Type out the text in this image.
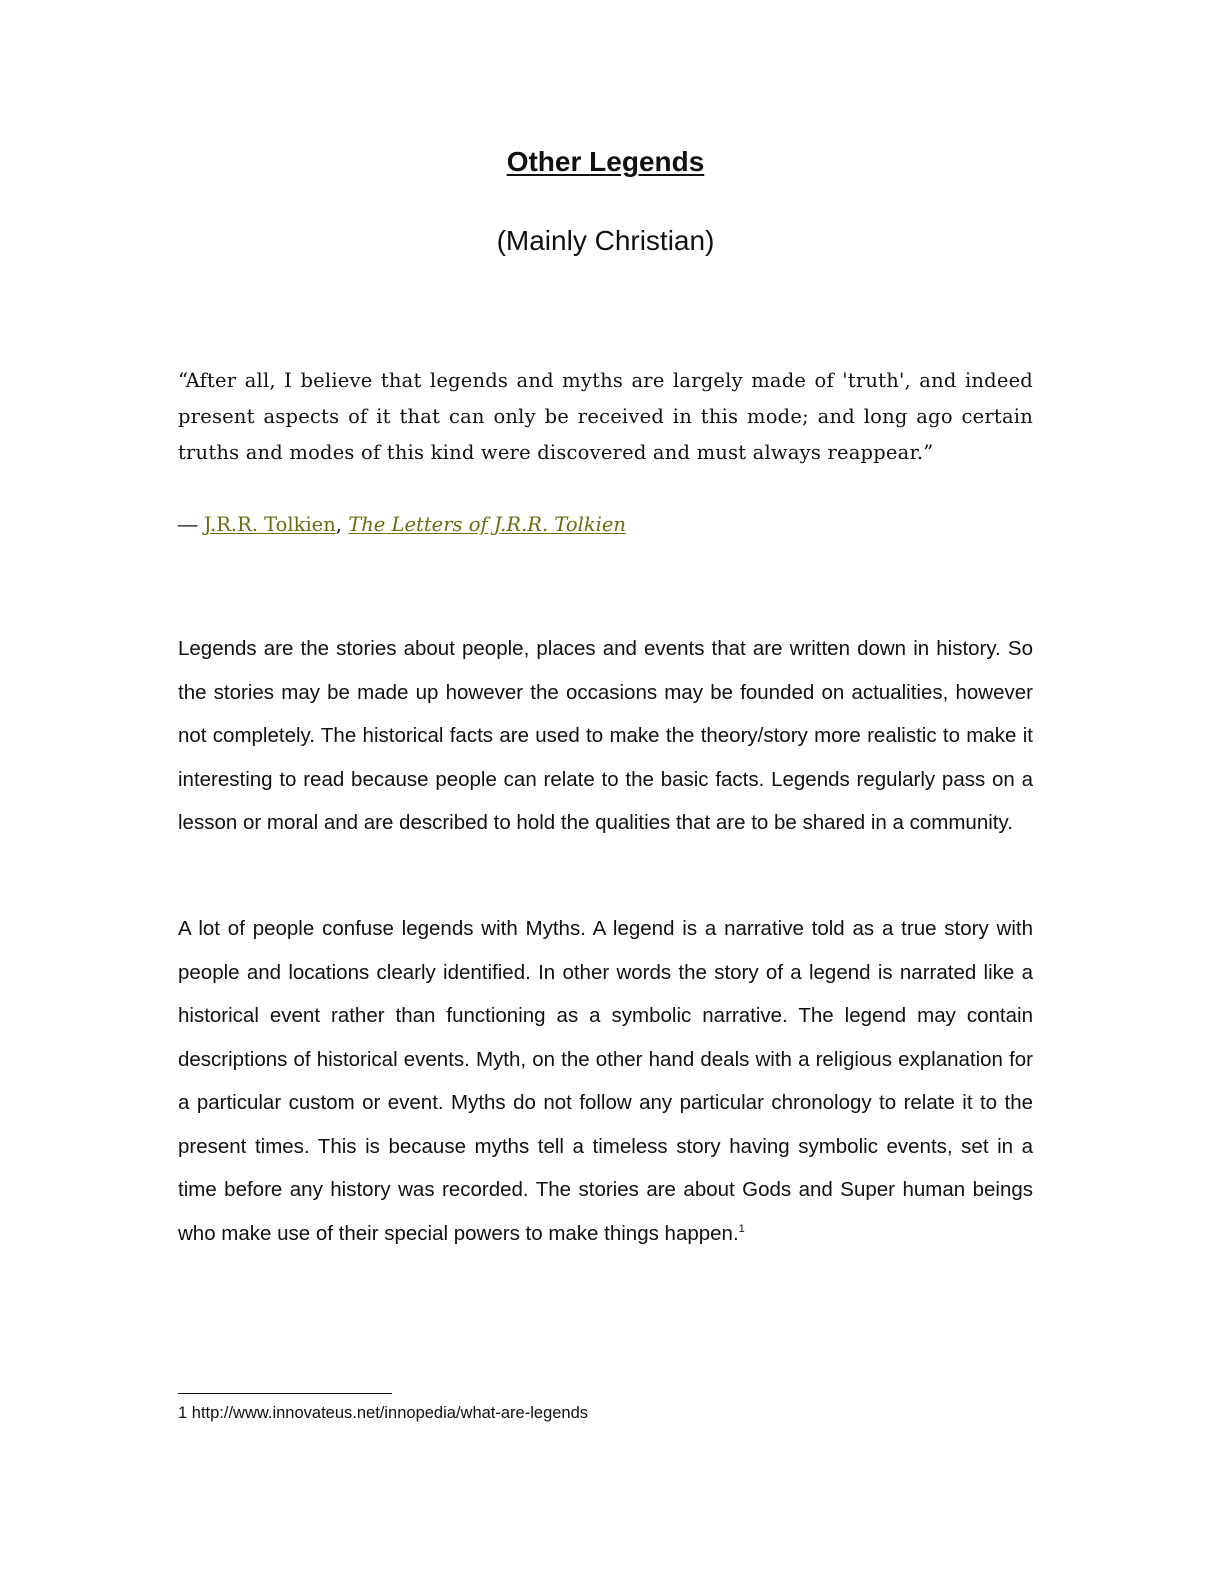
Other Legends

(Mainly Christian)

“After all, I believe that legends and myths are largely made of 'truth', and indeed present aspects of it that can only be received in this mode; and long ago certain truths and modes of this kind were discovered and must always reappear.”

― J.R.R. Tolkien, The Letters of J.R.R. Tolkien

Legends are the stories about people, places and events that are written down in history. So the stories may be made up however the occasions may be founded on actualities, however not completely. The historical facts are used to make the theory/story more realistic to make it interesting to read because people can relate to the basic facts. Legends regularly pass on a lesson or moral and are described to hold the qualities that are to be shared in a community.

A lot of people confuse legends with Myths. A legend is a narrative told as a true story with people and locations clearly identified. In other words the story of a legend is narrated like a historical event rather than functioning as a symbolic narrative. The legend may contain descriptions of historical events. Myth, on the other hand deals with a religious explanation for a particular custom or event. Myths do not follow any particular chronology to relate it to the present times. This is because myths tell a timeless story having symbolic events, set in a time before any history was recorded. The stories are about Gods and Super human beings who make use of their special powers to make things happen.$^1$

1 http://www.innovateus.net/innopedia/what-are-legends
